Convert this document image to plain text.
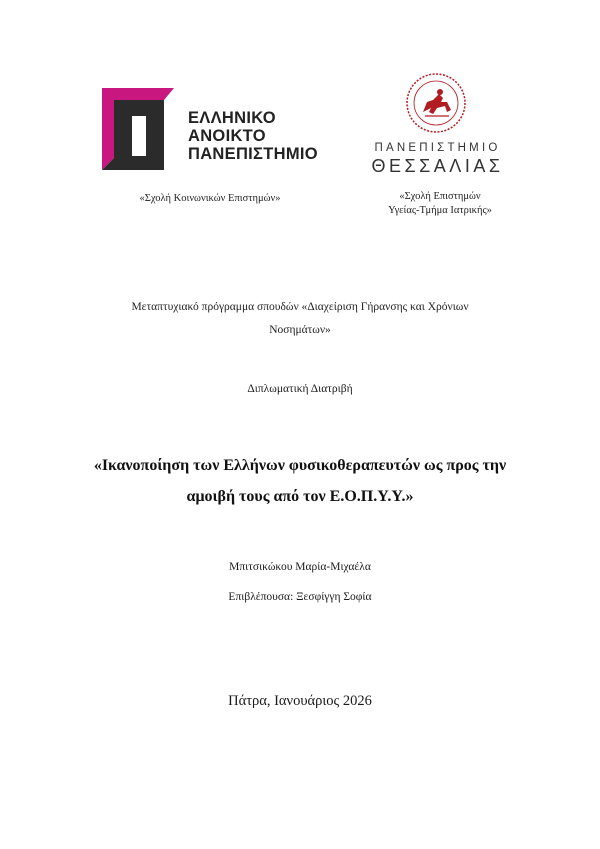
ΕΛΛΗΝΙΚΟ
ΑΝΟΙΚΤΟ
ΠΑΝΕΠΙΣΤΗΜΙΟ	ΠΑΝΕΠΙΣΤΗΜΙΟ
ΘΕΣΣΑΛΙΑΣ
«Σχολή Κοινωνικών Επιστημών»	«Σχολή Επιστημών
Υγείας-Τμήμα Ιατρικής»
Μεταπτυχιακό πρόγραμμα σπουδών «Διαχείριση Γήρανσης και Χρόνιων
Νοσημάτων»
Διπλωματική Διατριβή
«Ικανοποίηση των Ελλήνων φυσικοθεραπευτών ως προς την
αμοιβή τους από τον Ε.Ο.Π.Υ.Υ.»
Μπιτσικώκου Μαρία-Μιχαέλα
Επιβλέπουσα: Ξεσφίγγη Σοφία
Πάτρα, Ιανουάριος 2026
